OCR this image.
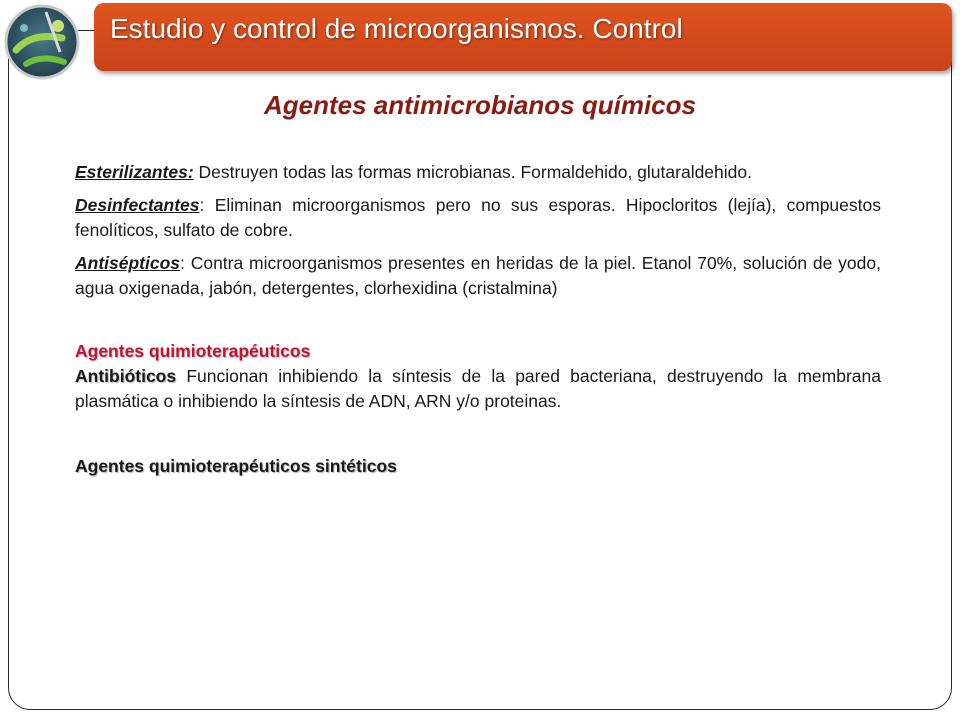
Estudio y control de microorganismos. Control
Agentes antimicrobianos químicos

Esterilizantes: Destruyen todas las formas microbianas. Formaldehido, glutaraldehido.

Desinfectantes: Eliminan microorganismos pero no sus esporas. Hipocloritos (lejía), compuestos fenolíticos, sulfato de cobre.

Antisépticos: Contra microorganismos presentes en heridas de la piel. Etanol 70%, solución de yodo, agua oxigenada, jabón, detergentes, clorhexidina (cristalmina)

Agentes quimioterapéuticos

Antibióticos Funcionan inhibiendo la síntesis de la pared bacteriana, destruyendo la membrana plasmática o inhibiendo la síntesis de ADN, ARN y/o proteinas.

Agentes quimioterapéuticos sintéticos
